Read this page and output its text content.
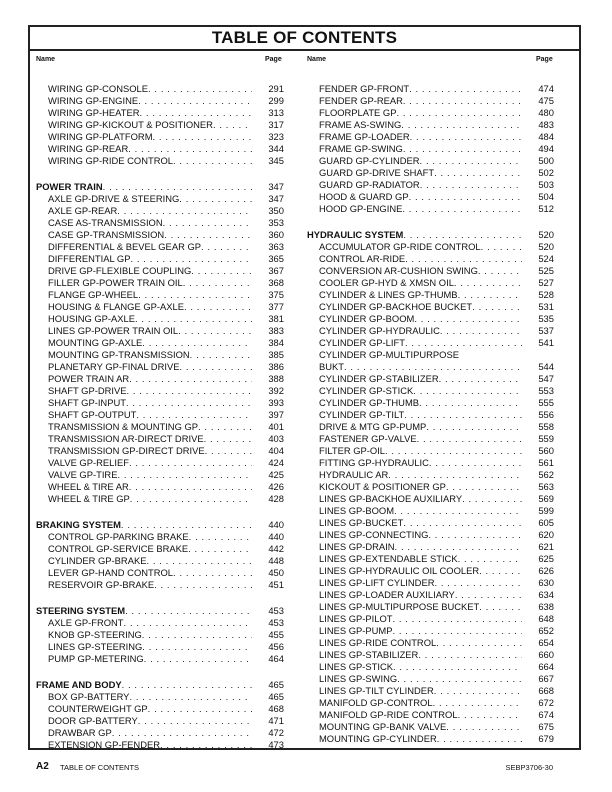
TABLE OF CONTENTS
Name	Page	Name	Page
WIRING GP-CONSOLE . . .	291
WIRING GP-ENGINE . . .	299
WIRING GP-HEATER . . .	313
WIRING GP-KICKOUT & POSITIONER . . .	317
WIRING GP-PLATFORM . . .	323
WIRING GP-REAR . . .	344
WIRING GP-RIDE CONTROL . . .	345
POWER TRAIN . . .	347
AXLE GP-DRIVE & STEERING . . .	347
AXLE GP-REAR . . .	350
CASE AS-TRANSMISSION . . .	353
CASE GP-TRANSMISSION . . .	360
DIFFERENTIAL & BEVEL GEAR GP . . .	363
DIFFERENTIAL GP . . .	365
DRIVE GP-FLEXIBLE COUPLING . . .	367
FILLER GP-POWER TRAIN OIL . . .	368
FLANGE GP-WHEEL . . .	375
HOUSING & FLANGE GP-AXLE . . .	377
HOUSING GP-AXLE . . .	381
LINES GP-POWER TRAIN OIL . . .	383
MOUNTING GP-AXLE . . .	384
MOUNTING GP-TRANSMISSION . . .	385
PLANETARY GP-FINAL DRIVE . . .	386
POWER TRAIN AR . . .	388
SHAFT GP-DRIVE . . .	392
SHAFT GP-INPUT . . .	393
SHAFT GP-OUTPUT . . .	397
TRANSMISSION & MOUNTING GP . . .	401
TRANSMISSION AR-DIRECT DRIVE . . .	403
TRANSMISSION GP-DIRECT DRIVE . . .	404
VALVE GP-RELIEF . . .	424
VALVE GP-TIRE . . .	425
WHEEL & TIRE AR . . .	426
WHEEL & TIRE GP . . .	428
BRAKING SYSTEM . . .	440
CONTROL GP-PARKING BRAKE . . .	440
CONTROL GP-SERVICE BRAKE . . .	442
CYLINDER GP-BRAKE . . .	448
LEVER GP-HAND CONTROL . . .	450
RESERVOIR GP-BRAKE . . .	451
STEERING SYSTEM . . .	453
AXLE GP-FRONT . . .	453
KNOB GP-STEERING . . .	455
LINES GP-STEERING . . .	456
PUMP GP-METERING . . .	464
FRAME AND BODY . . .	465
BOX GP-BATTERY . . .	465
COUNTERWEIGHT GP . . .	468
DOOR GP-BATTERY . . .	471
DRAWBAR GP . . .	472
EXTENSION GP-FENDER . . .	473
FENDER GP-FRONT . . .	474
FENDER GP-REAR . . .	475
FLOORPLATE GP . . .	480
FRAME AS-SWING . . .	483
FRAME GP-LOADER . . .	484
FRAME GP-SWING . . .	494
GUARD GP-CYLINDER . . .	500
GUARD GP-DRIVE SHAFT . . .	502
GUARD GP-RADIATOR . . .	503
HOOD & GUARD GP . . .	504
HOOD GP-ENGINE . . .	512
HYDRAULIC SYSTEM . . .	520
ACCUMULATOR GP-RIDE CONTROL . . .	520
CONTROL AR-RIDE . . .	524
CONVERSION AR-CUSHION SWING . . .	525
COOLER GP-HYD & XMSN OIL . . .	527
CYLINDER & LINES GP-THUMB . . .	528
CYLINDER GP-BACKHOE BUCKET . . .	531
CYLINDER GP-BOOM . . .	535
CYLINDER GP-HYDRAULIC . . .	537
CYLINDER GP-LIFT . . .	541
CYLINDER GP-MULTIPURPOSE
BUKT . . .	544
CYLINDER GP-STABILIZER . . .	547
CYLINDER GP-STICK . . .	553
CYLINDER GP-THUMB . . .	555
CYLINDER GP-TILT . . .	556
DRIVE & MTG GP-PUMP . . .	558
FASTENER GP-VALVE . . .	559
FILTER GP-OIL . . .	560
FITTING GP-HYDRAULIC . . .	561
HYDRAULIC AR . . .	562
KICKOUT & POSITIONER GP . . .	563
LINES GP-BACKHOE AUXILIARY . . .	569
LINES GP-BOOM . . .	599
LINES GP-BUCKET . . .	605
LINES GP-CONNECTING . . .	620
LINES GP-DRAIN . . .	621
LINES GP-EXTENDABLE STICK . . .	625
LINES GP-HYDRAULIC OIL COOLER . . .	626
LINES GP-LIFT CYLINDER . . .	630
LINES GP-LOADER AUXILIARY . . .	634
LINES GP-MULTIPURPOSE BUCKET . . .	638
LINES GP-PILOT . . .	648
LINES GP-PUMP . . .	652
LINES GP-RIDE CONTROL . . .	654
LINES GP-STABILIZER . . .	660
LINES GP-STICK . . .	664
LINES GP-SWING . . .	667
LINES GP-TILT CYLINDER . . .	668
MANIFOLD GP-CONTROL . . .	672
MANIFOLD GP-RIDE CONTROL . . .	674
MOUNTING GP-BANK VALVE . . .	675
MOUNTING GP-CYLINDER . . .	679
A2 TABLE OF CONTENTS	SEBP3706-30
